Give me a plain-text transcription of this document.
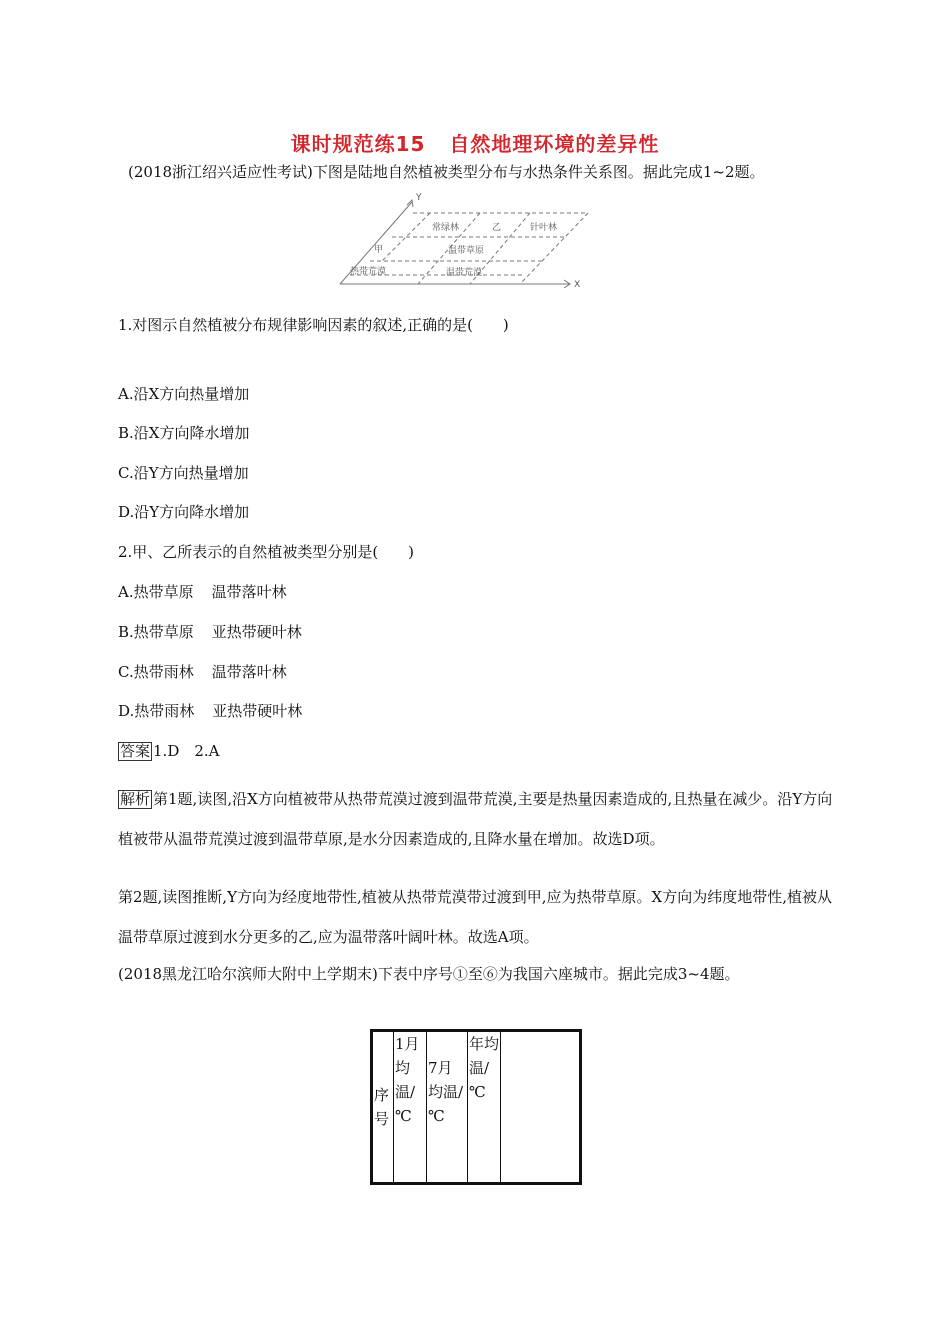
课时规范练15 自然地理环境的差异性
(2018浙江绍兴适应性考试)下图是陆地自然植被类型分布与水热条件关系图。据此完成1~2题。
Y
X
常绿林	乙	针叶林
甲	温带草原
热带荒漠	温带荒漠
1.对图示自然植被分布规律影响因素的叙述,正确的是(　　)
A.沿X方向热量增加
B.沿X方向降水增加
C.沿Y方向热量增加
D.沿Y方向降水增加
2.甲、乙所表示的自然植被类型分别是(　　)
A.热带草原 温带落叶林
B.热带草原 亚热带硬叶林
C.热带雨林 温带落叶林
D.热带雨林 亚热带硬叶林
答案 1.D　2.A
解析 第1题,读图,沿X方向植被带从热带荒漠过渡到温带荒漠,主要是热量因素造成的,且热量在减少。沿Y方向植被带从温带荒漠过渡到温带草原,是水分因素造成的,且降水量在增加。故选D项。
第2题,读图推断,Y方向为经度地带性,植被从热带荒漠带过渡到甲,应为热带草原。X方向为纬度地带性,植被从温带草原过渡到水分更多的乙,应为温带落叶阔叶林。故选A项。
(2018黑龙江哈尔滨师大附中上学期末)下表中序号①至⑥为我国六座城市。据此完成3~4题。
序号	1月均温/℃	7月均温/℃	年均温/℃	
